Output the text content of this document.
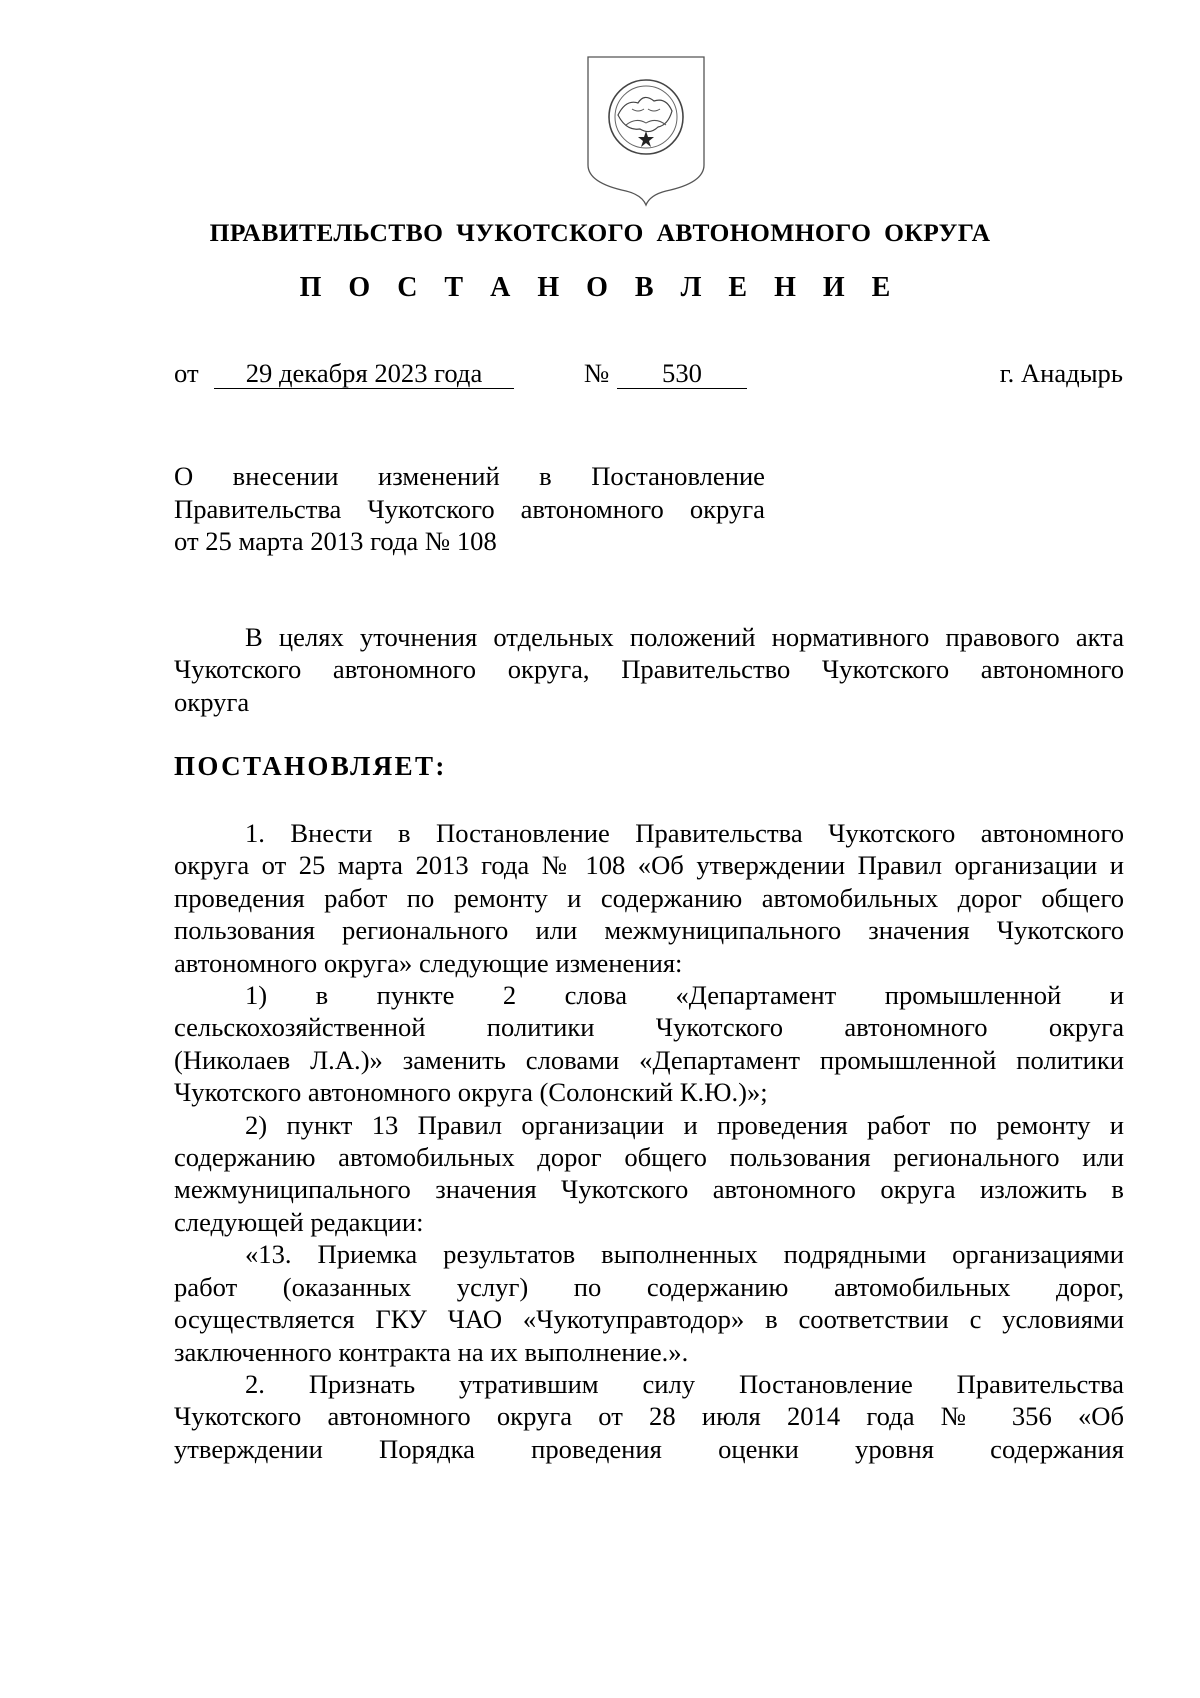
ПРАВИТЕЛЬСТВО ЧУКОТСКОГО АВТОНОМНОГО ОКРУГА
П О С Т А Н О В Л Е Н И Е
от	29 декабря 2023 года	№	530	г. Анадырь
О внесении изменений в Постановление
Правительства Чукотского автономного округа
от 25 марта 2013 года № 108
В целях уточнения отдельных положений нормативного правового акта
Чукотского автономного округа, Правительство Чукотского автономного
округа
ПОСТАНОВЛЯЕТ:
1. Внести в Постановление Правительства Чукотского автономного
округа от 25 марта 2013 года № 108 «Об утверждении Правил организации и
проведения работ по ремонту и содержанию автомобильных дорог общего
пользования регионального или межмуниципального значения Чукотского
автономного округа» следующие изменения:
1) в пункте 2 слова «Департамент промышленной и
сельскохозяйственной политики Чукотского автономного округа
(Николаев Л.А.)» заменить словами «Департамент промышленной политики
Чукотского автономного округа (Солонский К.Ю.)»;
2) пункт 13 Правил организации и проведения работ по ремонту и
содержанию автомобильных дорог общего пользования регионального или
межмуниципального значения Чукотского автономного округа изложить в
следующей редакции:
«13. Приемка результатов выполненных подрядными организациями
работ (оказанных услуг) по содержанию автомобильных дорог,
осуществляется ГКУ ЧАО «Чукотуправтодор» в соответствии с условиями
заключенного контракта на их выполнение.».
2. Признать утратившим силу Постановление Правительства
Чукотского автономного округа от 28 июля 2014 года № 356 «Об
утверждении Порядка проведения оценки уровня содержания
